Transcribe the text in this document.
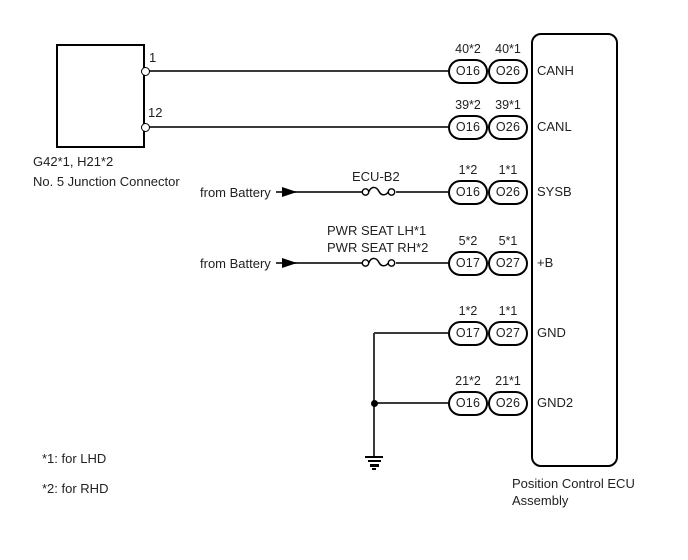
1
12
G42*1, H21*2
No. 5 Junction Connector
Position Control ECU
Assembly
from Battery
ECU-B2
from Battery
PWR SEAT LH*1
PWR SEAT RH*2
40*2	40*1
O16	O26	CANH
39*2	39*1
O16	O26	CANL
1*2	1*1
O16	O26	SYSB
5*2	5*1
O17	O27	+B
1*2	1*1
O17	O27	GND
21*2	21*1
O16	O26	GND2
*1: for LHD
*2: for RHD
